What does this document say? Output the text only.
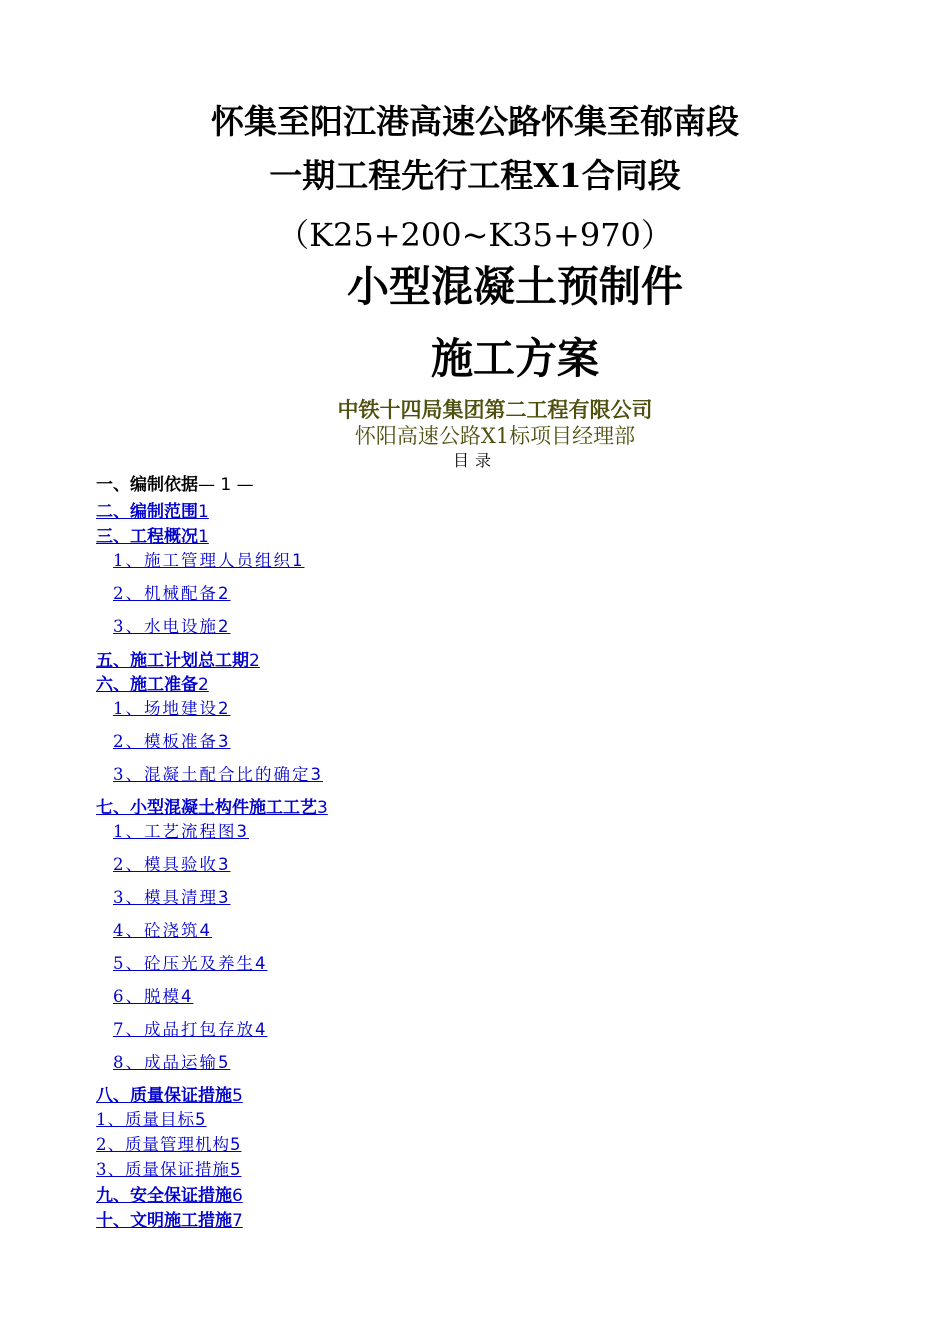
怀集至阳江港高速公路怀集至郁南段
一期工程先行工程X1合同段
（K25+200~K35+970）
小型混凝土预制件
施工方案
中铁十四局集团第二工程有限公司
怀阳高速公路X1标项目经理部
目录
一、编制依据— 1 —
二、编制范围1
三、工程概况1
1、施工管理人员组织1
2、机械配备2
3、水电设施2
五、施工计划总工期2
六、施工准备2
1、场地建设2
2、模板准备3
3、混凝土配合比的确定3
七、小型混凝土构件施工工艺3
1、工艺流程图3
2、模具验收3
3、模具清理3
4、砼浇筑4
5、砼压光及养生4
6、脱模4
7、成品打包存放4
8、成品运输5
八、质量保证措施5
1、质量目标5
2、质量管理机构5
3、质量保证措施5
九、安全保证措施6
十、文明施工措施7
